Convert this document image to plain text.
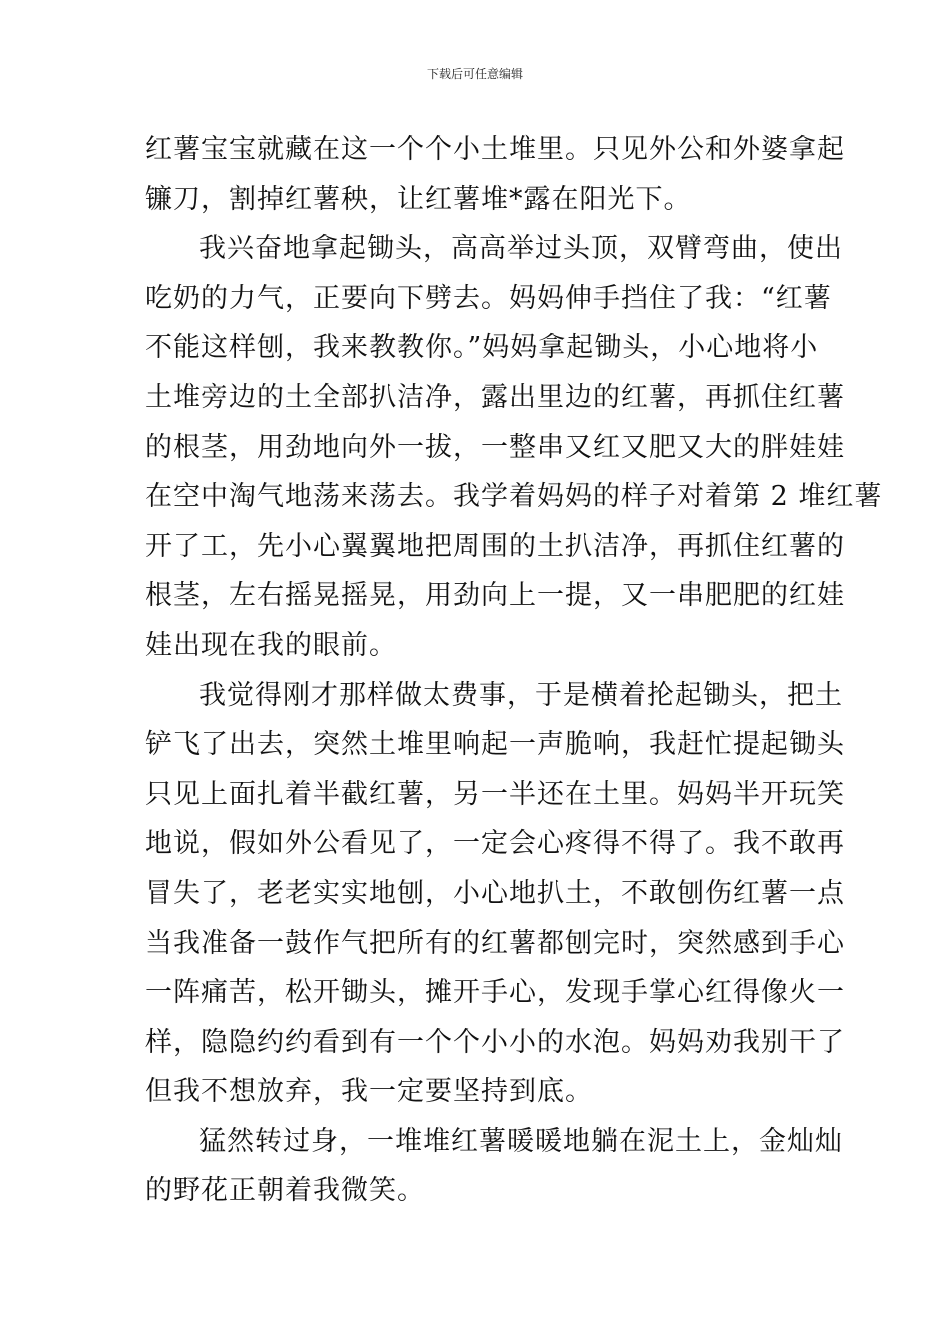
下载后可任意编辑
红薯宝宝就藏在这一个个小土堆里。只见外公和外婆拿起
镰刀，割掉红薯秧，让红薯堆*露在阳光下。
我兴奋地拿起锄头，高高举过头顶，双臂弯曲，使出
吃奶的力气，正要向下劈去。妈妈伸手挡住了我：“红薯
不能这样刨，我来教教你。”妈妈拿起锄头，小心地将小
土堆旁边的土全部扒洁净，露出里边的红薯，再抓住红薯
的根茎，用劲地向外一拔，一整串又红又肥又大的胖娃娃
在空中淘气地荡来荡去。我学着妈妈的样子对着第 2 堆红薯
开了工，先小心翼翼地把周围的土扒洁净，再抓住红薯的
根茎，左右摇晃摇晃，用劲向上一提，又一串肥肥的红娃
娃出现在我的眼前。
我觉得刚才那样做太费事，于是横着抡起锄头，把土
铲飞了出去，突然土堆里响起一声脆响，我赶忙提起锄头
只见上面扎着半截红薯，另一半还在土里。妈妈半开玩笑
地说，假如外公看见了，一定会心疼得不得了。我不敢再
冒失了，老老实实地刨，小心地扒土，不敢刨伤红薯一点
当我准备一鼓作气把所有的红薯都刨完时，突然感到手心
一阵痛苦，松开锄头，摊开手心，发现手掌心红得像火一
样，隐隐约约看到有一个个小小的水泡。妈妈劝我别干了
但我不想放弃，我一定要坚持到底。
猛然转过身，一堆堆红薯暖暖地躺在泥土上，金灿灿
的野花正朝着我微笑。
